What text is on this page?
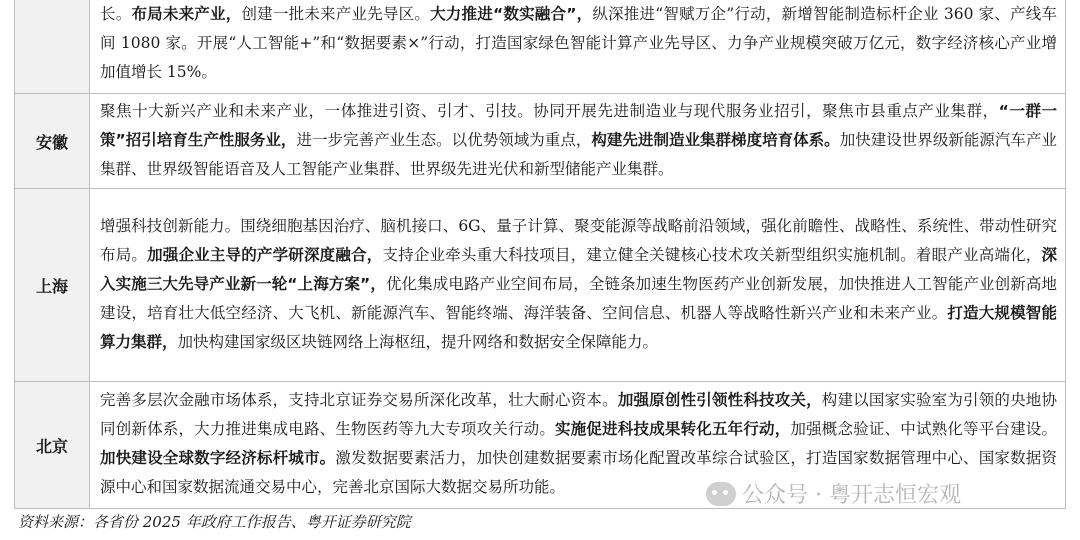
	长。布局未来产业，创建一批未来产业先导区。大力推进“数实融合”，纵深推进“智赋万企”行动，新增智能制造标杆企业 360 家、产线车间 1080 家。开展“人工智能+”和“数据要素×”行动，打造国家绿色智能计算产业先导区、力争产业规模突破万亿元，数字经济核心产业增加值增长 15%。
安徽	聚焦十大新兴产业和未来产业，一体推进引资、引才、引技。协同开展先进制造业与现代服务业招引，聚焦市县重点产业集群，“一群一策”招引培育生产性服务业，进一步完善产业生态。以优势领域为重点，构建先进制造业集群梯度培育体系。加快建设世界级新能源汽车产业集群、世界级智能语音及人工智能产业集群、世界级先进光伏和新型储能产业集群。
上海	增强科技创新能力。围绕细胞基因治疗、脑机接口、6G、量子计算、聚变能源等战略前沿领域，强化前瞻性、战略性、系统性、带动性研究布局。加强企业主导的产学研深度融合，支持企业牵头重大科技项目，建立健全关键核心技术攻关新型组织实施机制。着眼产业高端化，深入实施三大先导产业新一轮“上海方案”，优化集成电路产业空间布局，全链条加速生物医药产业创新发展，加快推进人工智能产业创新高地建设，培育壮大低空经济、大飞机、新能源汽车、智能终端、海洋装备、空间信息、机器人等战略性新兴产业和未来产业。打造大规模智能算力集群，加快构建国家级区块链网络上海枢纽，提升网络和数据安全保障能力。
北京	完善多层次金融市场体系，支持北京证券交易所深化改革，壮大耐心资本。加强原创性引领性科技攻关，构建以国家实验室为引领的央地协同创新体系，大力推进集成电路、生物医药等九大专项攻关行动。实施促进科技成果转化五年行动，加强概念验证、中试熟化等平台建设。加快建设全球数字经济标杆城市。激发数据要素活力，加快创建数据要素市场化配置改革综合试验区，打造国家数据管理中心、国家数据资源中心和国家数据流通交易中心，完善北京国际大数据交易所功能。
资料来源：各省份 2025 年政府工作报告、粤开证券研究院
公众号 · 粤开志恒宏观
